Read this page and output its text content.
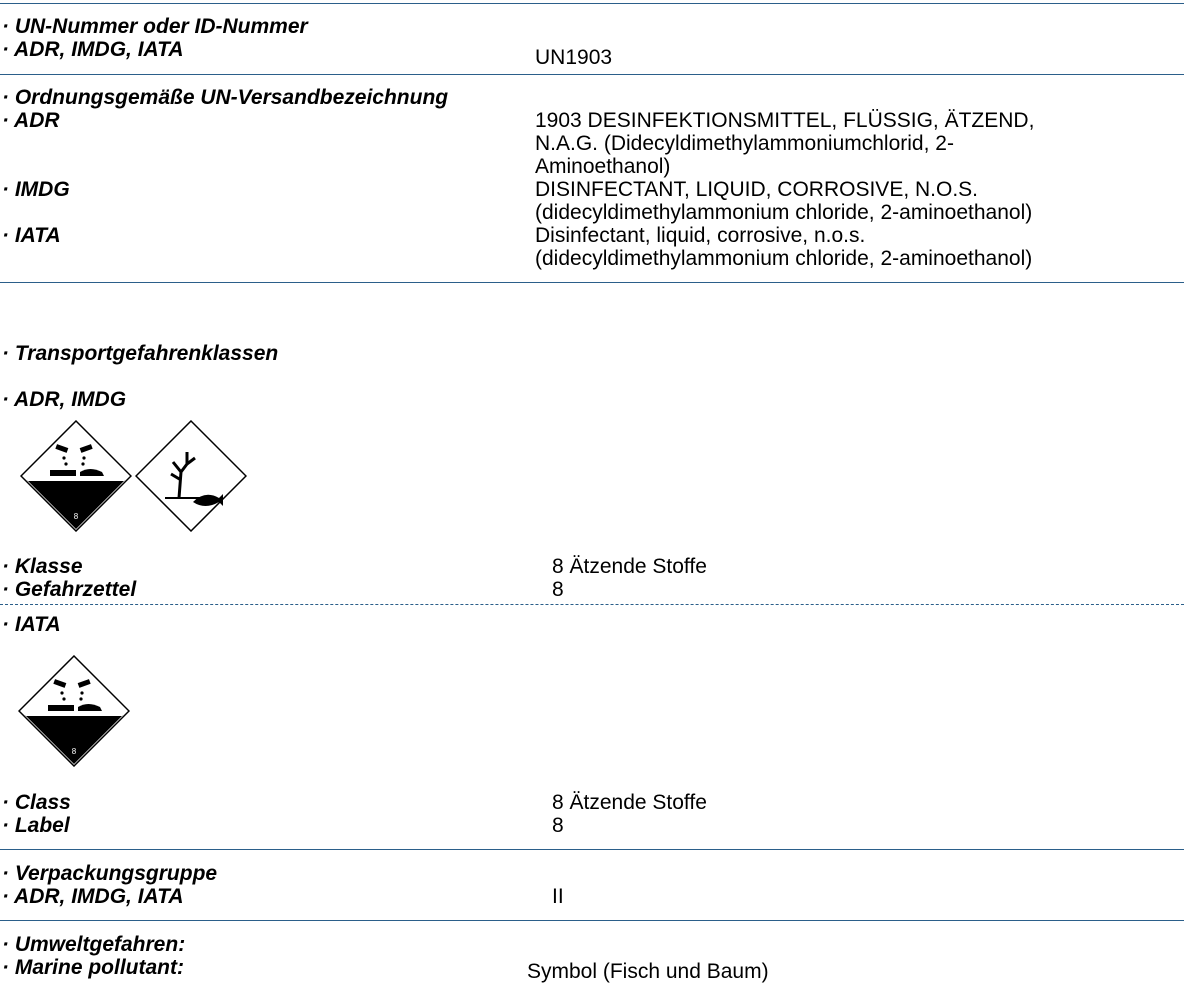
· UN-Nummer oder ID-Nummer
· ADR, IMDG, IATA	UN1903
· Ordnungsgemäße UN-Versandbezeichnung
· ADR	1903 DESINFEKTIONSMITTEL, FLÜSSIG, ÄTZEND,
N.A.G. (Didecyldimethylammoniumchlorid, 2-
Aminoethanol)
· IMDG	DISINFECTANT, LIQUID, CORROSIVE, N.O.S.
(didecyldimethylammonium chloride, 2-aminoethanol)
· IATA	Disinfectant, liquid, corrosive, n.o.s.
(didecyldimethylammonium chloride, 2-aminoethanol)
· Transportgefahrenklassen
· ADR, IMDG
8
· Klasse	8 Ätzende Stoffe
· Gefahrzettel	8
· IATA
8
· Class	8 Ätzende Stoffe
· Label	8
· Verpackungsgruppe
· ADR, IMDG, IATA	II
· Umweltgefahren:
· Marine pollutant:	Symbol (Fisch und Baum)
